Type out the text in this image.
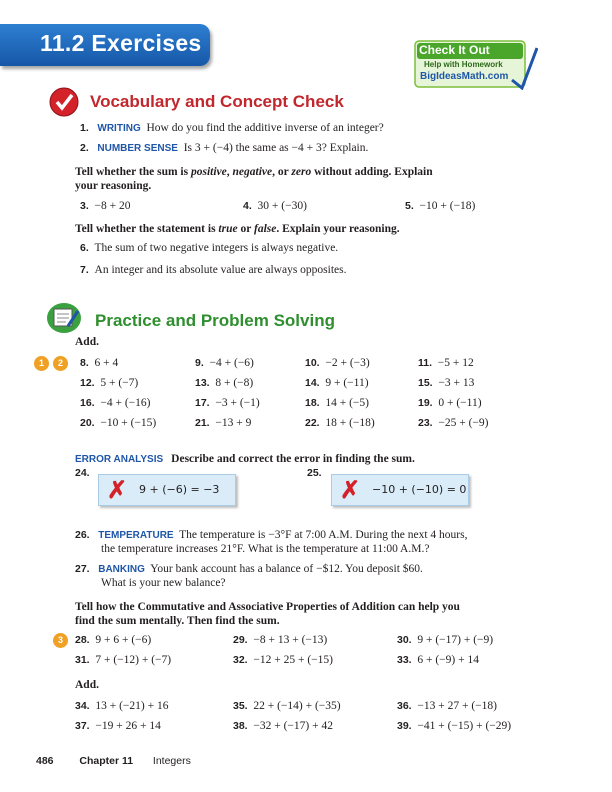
11.2 Exercises	Check It Out
Help with Homework
BigIdeasMath.com
Vocabulary and Concept Check
1. WRITING How do you find the additive inverse of an integer?
2. NUMBER SENSE Is 3 + (−4) the same as −4 + 3? Explain.
Tell whether the sum is positive, negative, or zero without adding. Explain
your reasoning.
3. −8 + 20	4. 30 + (−30)	5. −10 + (−18)
Tell whether the statement is true or false. Explain your reasoning.
6. The sum of two negative integers is always negative.
7. An integer and its absolute value are always opposites.
Practice and Problem Solving
Add.
1	2	8. 6 + 4	9. −4 + (−6)	10. −2 + (−3)	11. −5 + 12
12. 5 + (−7)	13. 8 + (−8)	14. 9 + (−11)	15. −3 + 13
16. −4 + (−16)	17. −3 + (−1)	18. 14 + (−5)	19. 0 + (−11)
20. −10 + (−15)	21. −13 + 9	22. 18 + (−18)	23. −25 + (−9)
ERROR ANALYSIS Describe and correct the error in finding the sum.
24.
✗ 9 + (−6) = −3
25.
✗ −10 + (−10) = 0
26. TEMPERATURE The temperature is −3°F at 7:00 A.M. During the next 4 hours,
the temperature increases 21°F. What is the temperature at 11:00 A.M.?
27. BANKING Your bank account has a balance of −$12. You deposit $60.
What is your new balance?
Tell how the Commutative and Associative Properties of Addition can help you
find the sum mentally. Then find the sum.
3	28. 9 + 6 + (−6)	29. −8 + 13 + (−13)	30. 9 + (−17) + (−9)
31. 7 + (−12) + (−7)	32. −12 + 25 + (−15)	33. 6 + (−9) + 14
Add.
34. 13 + (−21) + 16	35. 22 + (−14) + (−35)	36. −13 + 27 + (−18)
37. −19 + 26 + 14	38. −32 + (−17) + 42	39. −41 + (−15) + (−29)
486 Chapter 11 Integers
